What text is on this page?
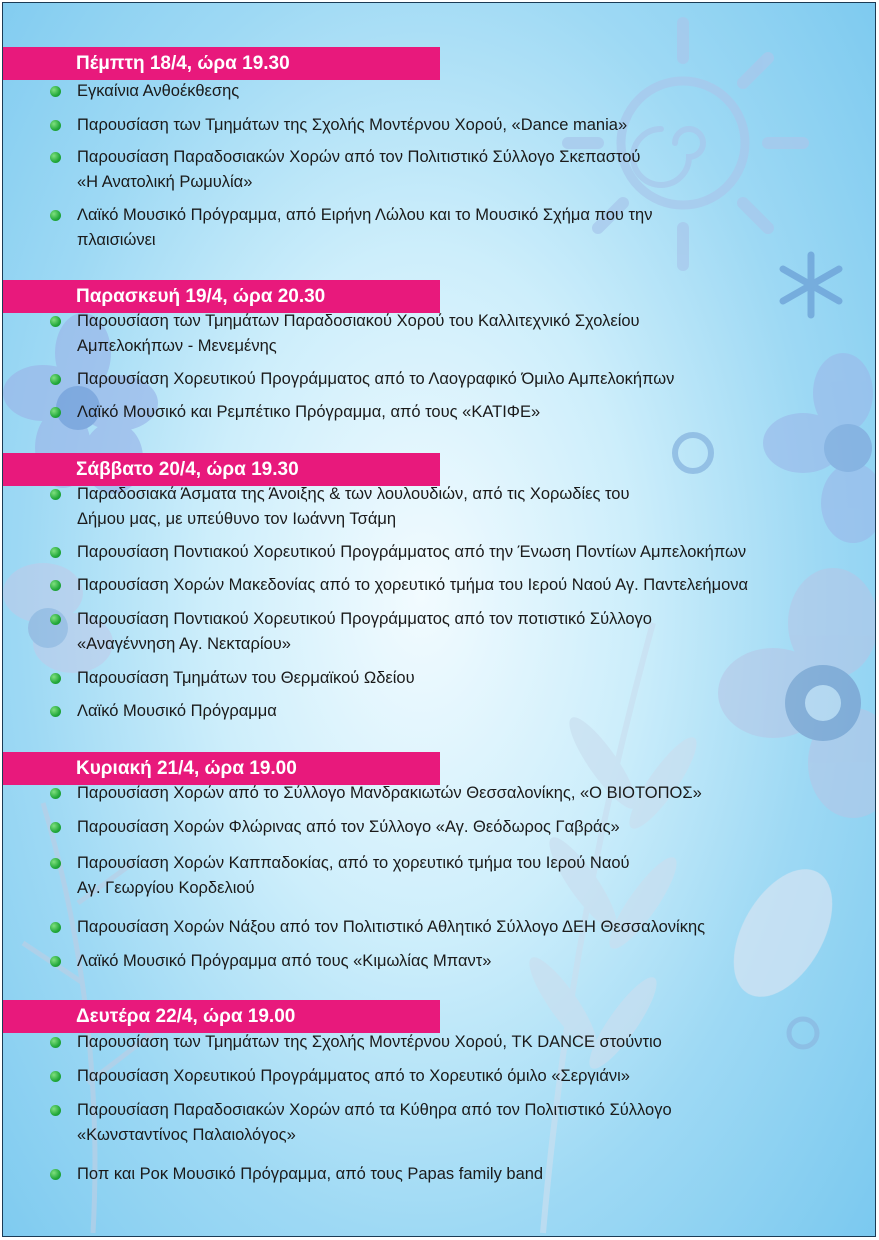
Πέμπτη 18/4, ώρα 19.30
Εγκαίνια Ανθοέκθεσης
Παρουσίαση των Τμημάτων της Σχολής Μοντέρνου Χορού, «Dance mania»
Παρουσίαση Παραδοσιακών Χορών από τον Πολιτιστικό Σύλλογο Σκεπαστού
«Η Ανατολική Ρωμυλία»
Λαϊκό Μουσικό Πρόγραμμα, από Ειρήνη Λώλου και το Μουσικό Σχήμα που την
πλαισιώνει
Παρασκευή 19/4, ώρα 20.30
Παρουσίαση των Τμημάτων Παραδοσιακού Χορού του Καλλιτεχνικό Σχολείου
Αμπελοκήπων - Μενεμένης
Παρουσίαση Χορευτικού Προγράμματος από το Λαογραφικό Όμιλο Αμπελοκήπων
Λαϊκό Μουσικό και Ρεμπέτικο Πρόγραμμα, από τους «ΚΑΤΙΦΕ»
Σάββατο 20/4, ώρα 19.30
Παραδοσιακά Άσματα της Άνοιξης & των λουλουδιών, από τις Χορωδίες του
Δήμου μας, με υπεύθυνο τον Ιωάννη Τσάμη
Παρουσίαση Ποντιακού Χορευτικού Προγράμματος από την Ένωση Ποντίων Αμπελοκήπων
Παρουσίαση Χορών Μακεδονίας από το χορευτικό τμήμα του Ιερού Ναού Αγ. Παντελεήμονα
Παρουσίαση Ποντιακού Χορευτικού Προγράμματος από τον ποτιστικό Σύλλογο
«Αναγέννηση Αγ. Νεκταρίου»
Παρουσίαση Τμημάτων του Θερμαϊκού Ωδείου
Λαϊκό Μουσικό Πρόγραμμα
Κυριακή 21/4, ώρα 19.00
Παρουσίαση Χορών από το Σύλλογο Μανδρακιωτών Θεσσαλονίκης, «Ο ΒΙΟΤΟΠΟΣ»
Παρουσίαση Χορών Φλώρινας από τον Σύλλογο «Αγ. Θεόδωρος Γαβράς»
Παρουσίαση Χορών Καππαδοκίας, από το χορευτικό τμήμα του Ιερού Ναού
Αγ. Γεωργίου Κορδελιού
Παρουσίαση Χορών Νάξου από τον Πολιτιστικό Αθλητικό Σύλλογο ΔΕΗ Θεσσαλονίκης
Λαϊκό Μουσικό Πρόγραμμα από τους «Κιμωλίας Μπαντ»
Δευτέρα 22/4, ώρα 19.00
Παρουσίαση των Τμημάτων της Σχολής Μοντέρνου Χορού, TK DANCE στούντιο
Παρουσίαση Χορευτικού Προγράμματος από το Χορευτικό όμιλο «Σεργιάνι»
Παρουσίαση Παραδοσιακών Χορών από τα Κύθηρα από τον Πολιτιστικό Σύλλογο
«Κωνσταντίνος Παλαιολόγος»
Ποπ και Ροκ Μουσικό Πρόγραμμα, από τους Papas family band
